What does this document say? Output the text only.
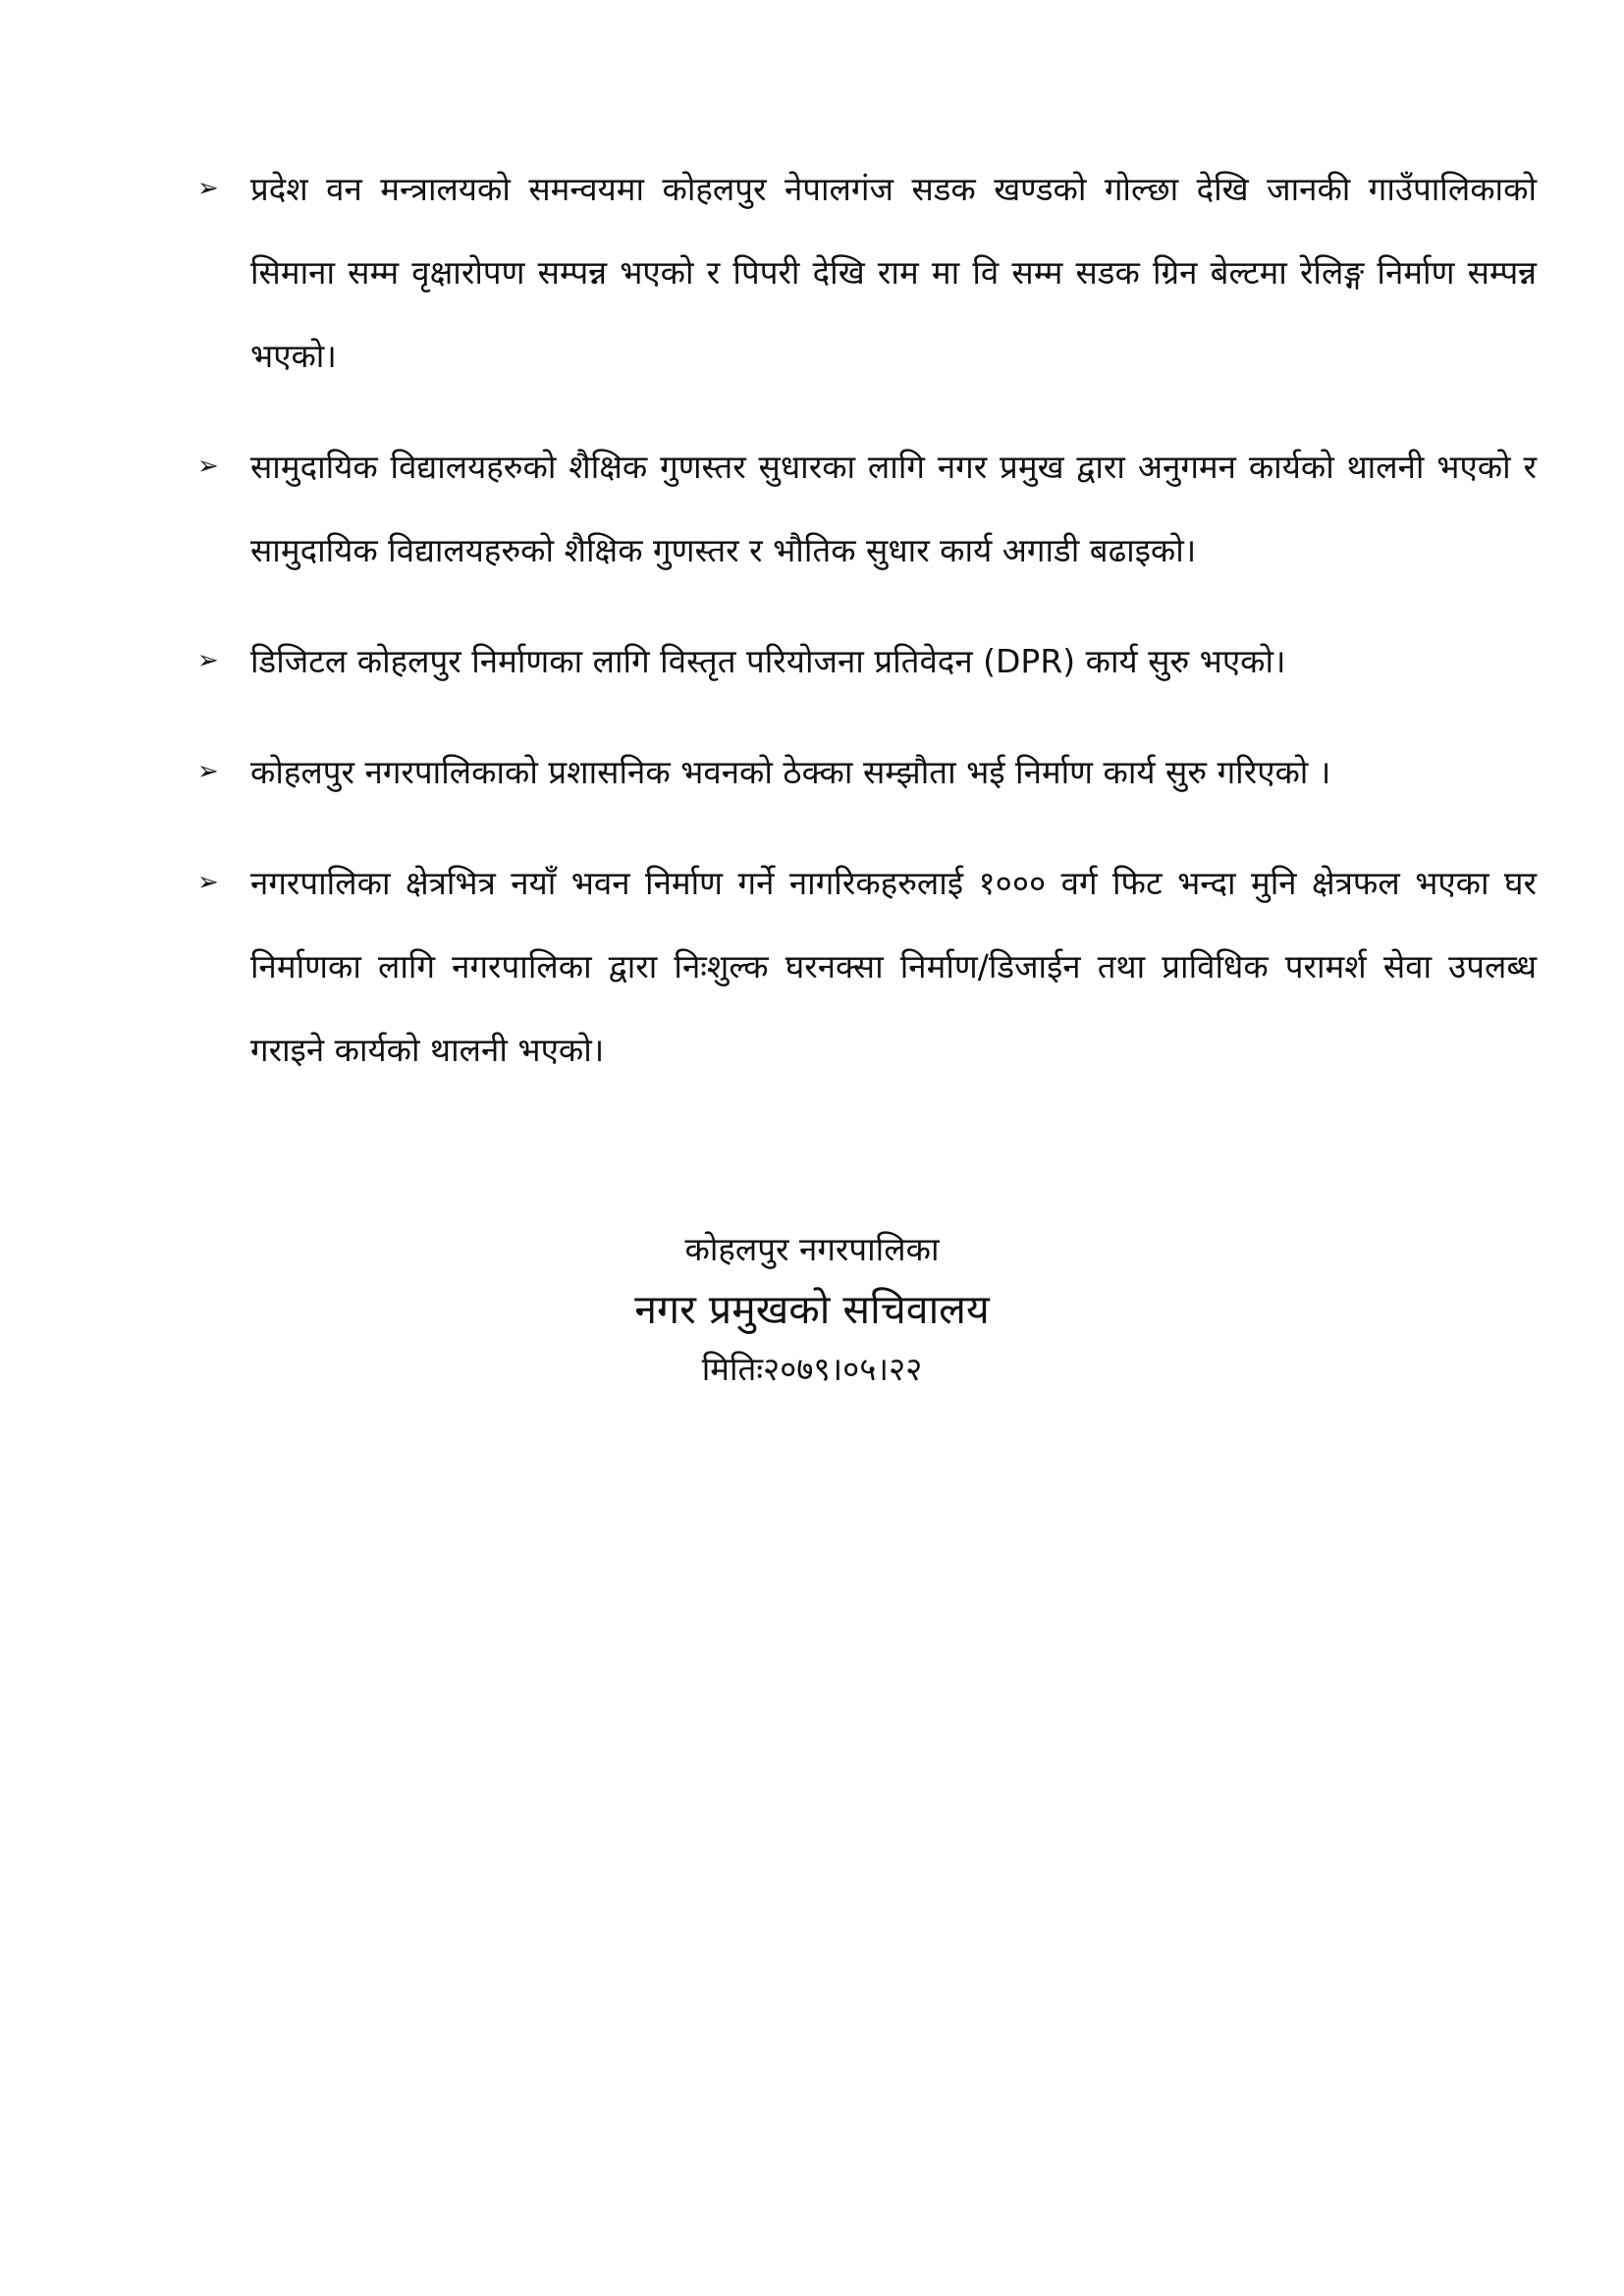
➢ प्रदेश वन मन्त्रालयको समन्वयमा कोहलपुर नेपालगंज सडक खण्डको गोल्छा देखि जानकी गाउँपालिकाको सिमाना सम्म वृक्षारोपण सम्पन्न भएको र पिपरी देखि राम मा वि सम्म सडक ग्रिन बेल्टमा रेलिङ्ग निर्माण सम्पन्न भएको।
➢ सामुदायिक विद्यालयहरुको शैक्षिक गुणस्तर सुधारका लागि नगर प्रमुख द्वारा अनुगमन कार्यको थालनी भएको र सामुदायिक विद्यालयहरुको शैक्षिक गुणस्तर र भौतिक सुधार कार्य अगाडी बढाइको।
➢ डिजिटल कोहलपुर निर्माणका लागि विस्तृत परियोजना प्रतिवेदन (DPR) कार्य सुरु भएको।
➢ कोहलपुर नगरपालिकाको प्रशासनिक भवनको ठेक्का सम्झौता भई निर्माण कार्य सुरु गरिएको ।
➢ नगरपालिका क्षेत्रभित्र नयाँ भवन निर्माण गर्ने नागरिकहरुलाई १००० वर्ग फिट भन्दा मुनि क्षेत्रफल भएका घर निर्माणका लागि नगरपालिका द्वारा निःशुल्क घरनक्सा निर्माण/डिजाईन तथा प्राविधिक परामर्श सेवा उपलब्ध गराइने कार्यको थालनी भएको।

कोहलपुर नगरपालिका

नगर प्रमुखको सचिवालय

मितिः२०७९।०५।२२
